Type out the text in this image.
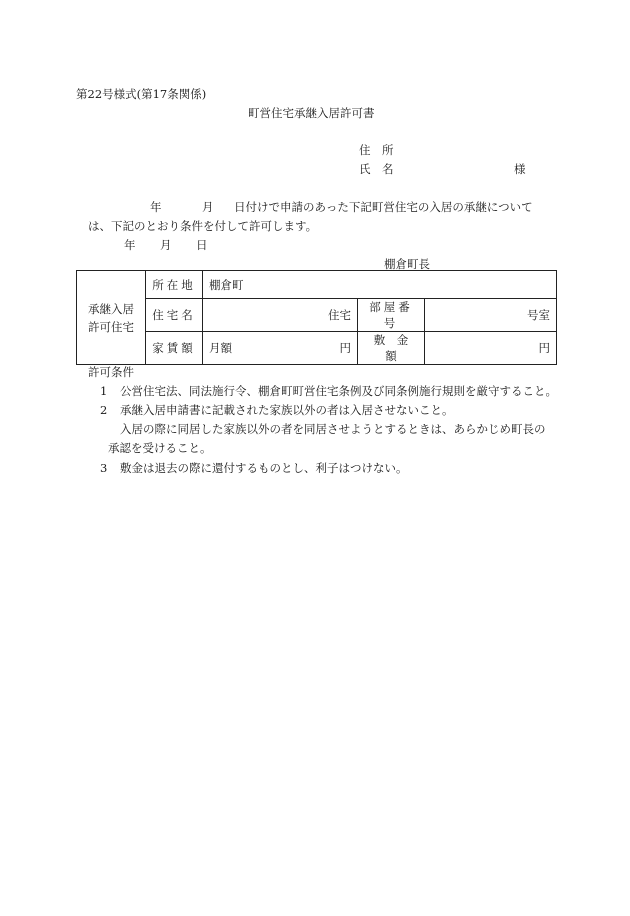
第22号様式(第17条関係)
町営住宅承継入居許可書
住　所
氏　名	様
年	月 日付けで申請のあった下記町営住宅の入居の承継について
は、下記のとおり条件を付して許可します。
年 月 日
棚倉町長
承継入居
許可住宅	所在地	棚倉町		
	住宅名	住宅	部屋番号	号室
	家賃額	月額 円	敷　金　額	円
許可条件
1 公営住宅法、同法施行令、棚倉町町営住宅条例及び同条例施行規則を厳守すること。
2 承継入居申請書に記載された家族以外の者は入居させないこと。
入居の際に同居した家族以外の者を同居させようとするときは、あらかじめ町長の
承認を受けること。
3 敷金は退去の際に還付するものとし、利子はつけない。
